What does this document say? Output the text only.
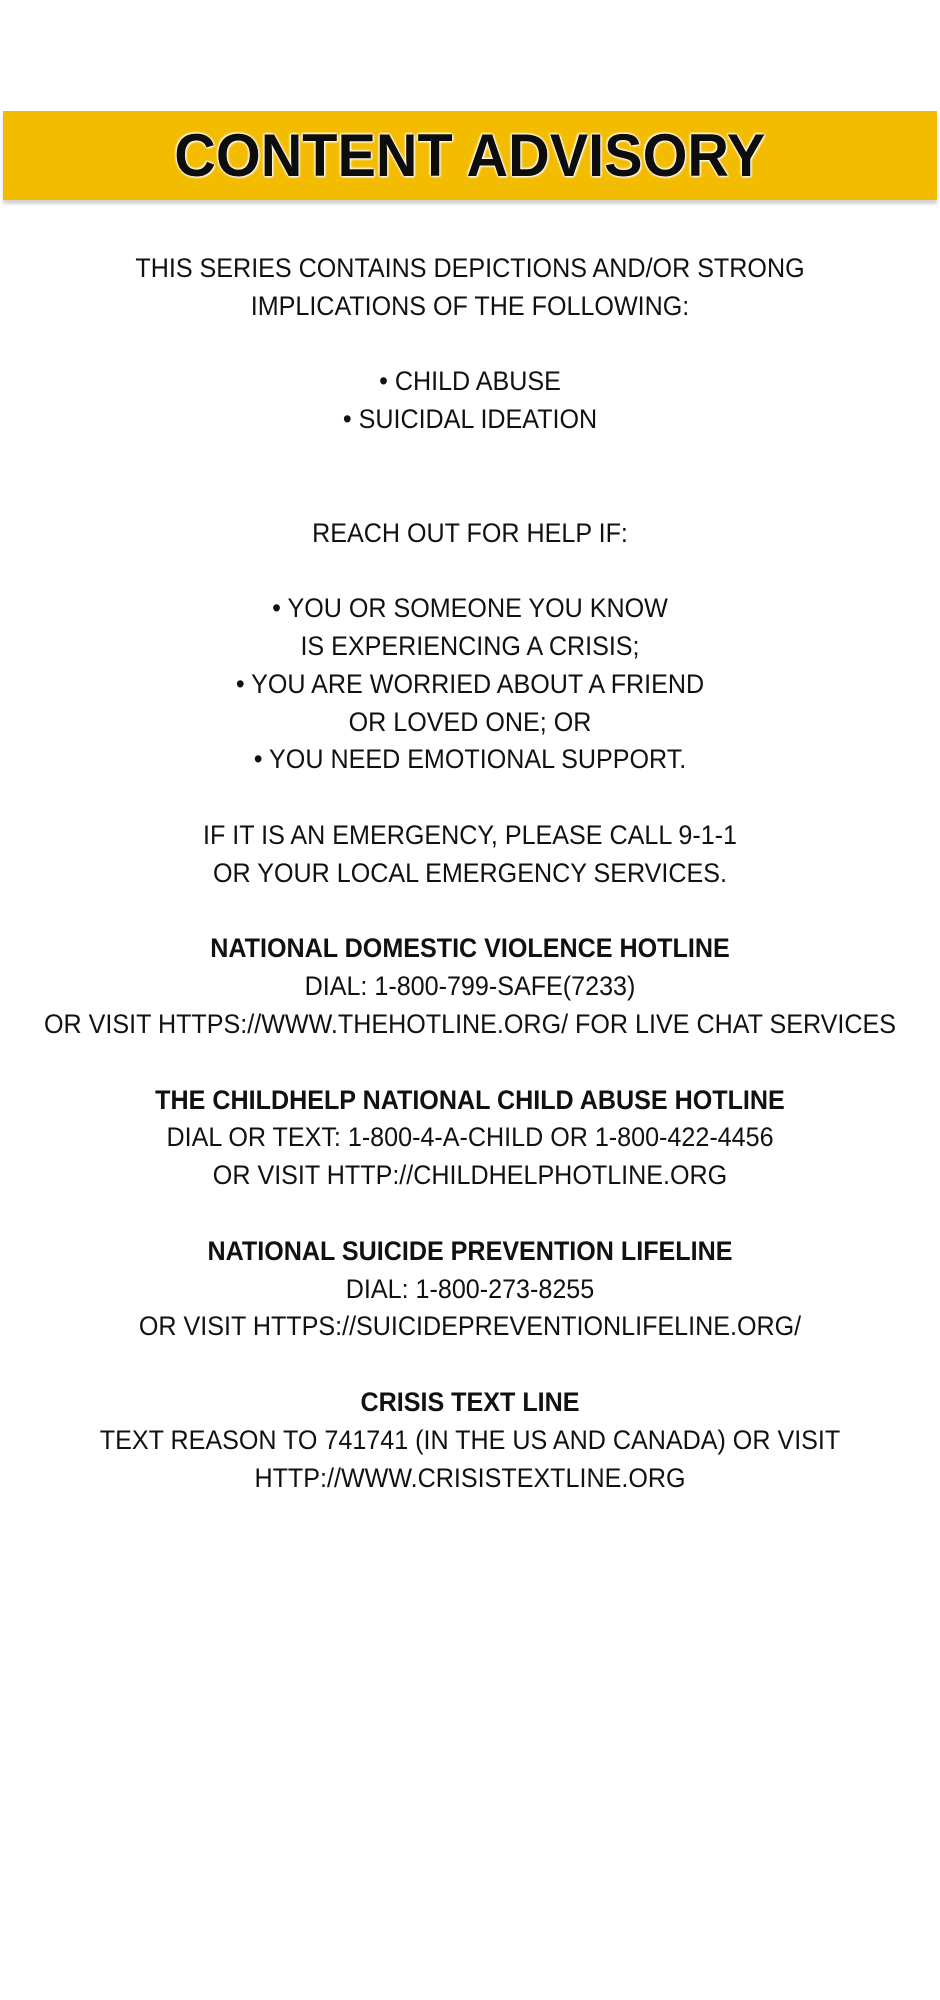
CONTENT ADVISORY
THIS SERIES CONTAINS DEPICTIONS AND/OR STRONG
IMPLICATIONS OF THE FOLLOWING:
• CHILD ABUSE
• SUICIDAL IDEATION
REACH OUT FOR HELP IF:
• YOU OR SOMEONE YOU KNOW
IS EXPERIENCING A CRISIS;
• YOU ARE WORRIED ABOUT A FRIEND
OR LOVED ONE; OR
• YOU NEED EMOTIONAL SUPPORT.
IF IT IS AN EMERGENCY, PLEASE CALL 9-1-1
OR YOUR LOCAL EMERGENCY SERVICES.
NATIONAL DOMESTIC VIOLENCE HOTLINE
DIAL: 1-800-799-SAFE(7233)
OR VISIT HTTPS://WWW.THEHOTLINE.ORG/ FOR LIVE CHAT SERVICES
THE CHILDHELP NATIONAL CHILD ABUSE HOTLINE
DIAL OR TEXT: 1-800-4-A-CHILD OR 1-800-422-4456
OR VISIT HTTP://CHILDHELPHOTLINE.ORG
NATIONAL SUICIDE PREVENTION LIFELINE
DIAL: 1-800-273-8255
OR VISIT HTTPS://SUICIDEPREVENTIONLIFELINE.ORG/
CRISIS TEXT LINE
TEXT REASON TO 741741 (IN THE US AND CANADA) OR VISIT
HTTP://WWW.CRISISTEXTLINE.ORG
